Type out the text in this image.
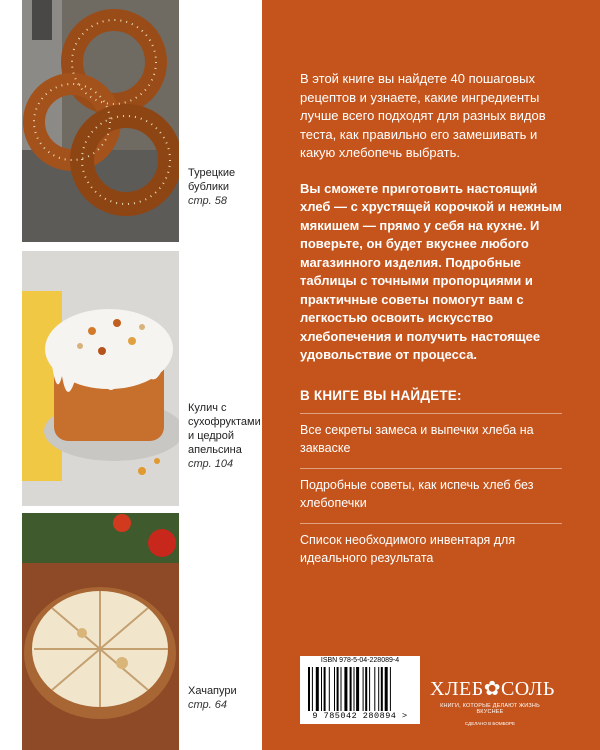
Турецкие бублики
стр. 58
Кулич с сухофруктами и цедрой апельсина
стр. 104
Хачапури
стр. 64

В этой книге вы найдете 40 пошаговых рецептов и узнаете, какие ингредиенты лучше всего подходят для разных видов теста, как правильно его замешивать и какую хлебопечь выбрать.

Вы сможете приготовить настоящий хлеб — с хрустящей корочкой и нежным мякишем — прямо у себя на кухне. И поверьте, он будет вкуснее любого магазинного изделия. Подробные таблицы с точными пропорциями и практичные советы помогут вам с легкостью освоить искусство хлебопечения и получить настоящее удовольствие от процесса.

В КНИГЕ ВЫ НАЙДЕТЕ:
Все секреты замеса и выпечки хлеба на закваске
Подробные советы, как испечь хлеб без хлебопечки
Список необходимого инвентаря для идеального результата
ISBN 978-5-04-228089-4
9 785042 280894 >
ХЛЕБ✿СОЛЬ
КНИГИ, КОТОРЫЕ ДЕЛАЮТ ЖИЗНЬ ВКУСНЕЕ
СДЕЛАНО В БОМБОРЕ
